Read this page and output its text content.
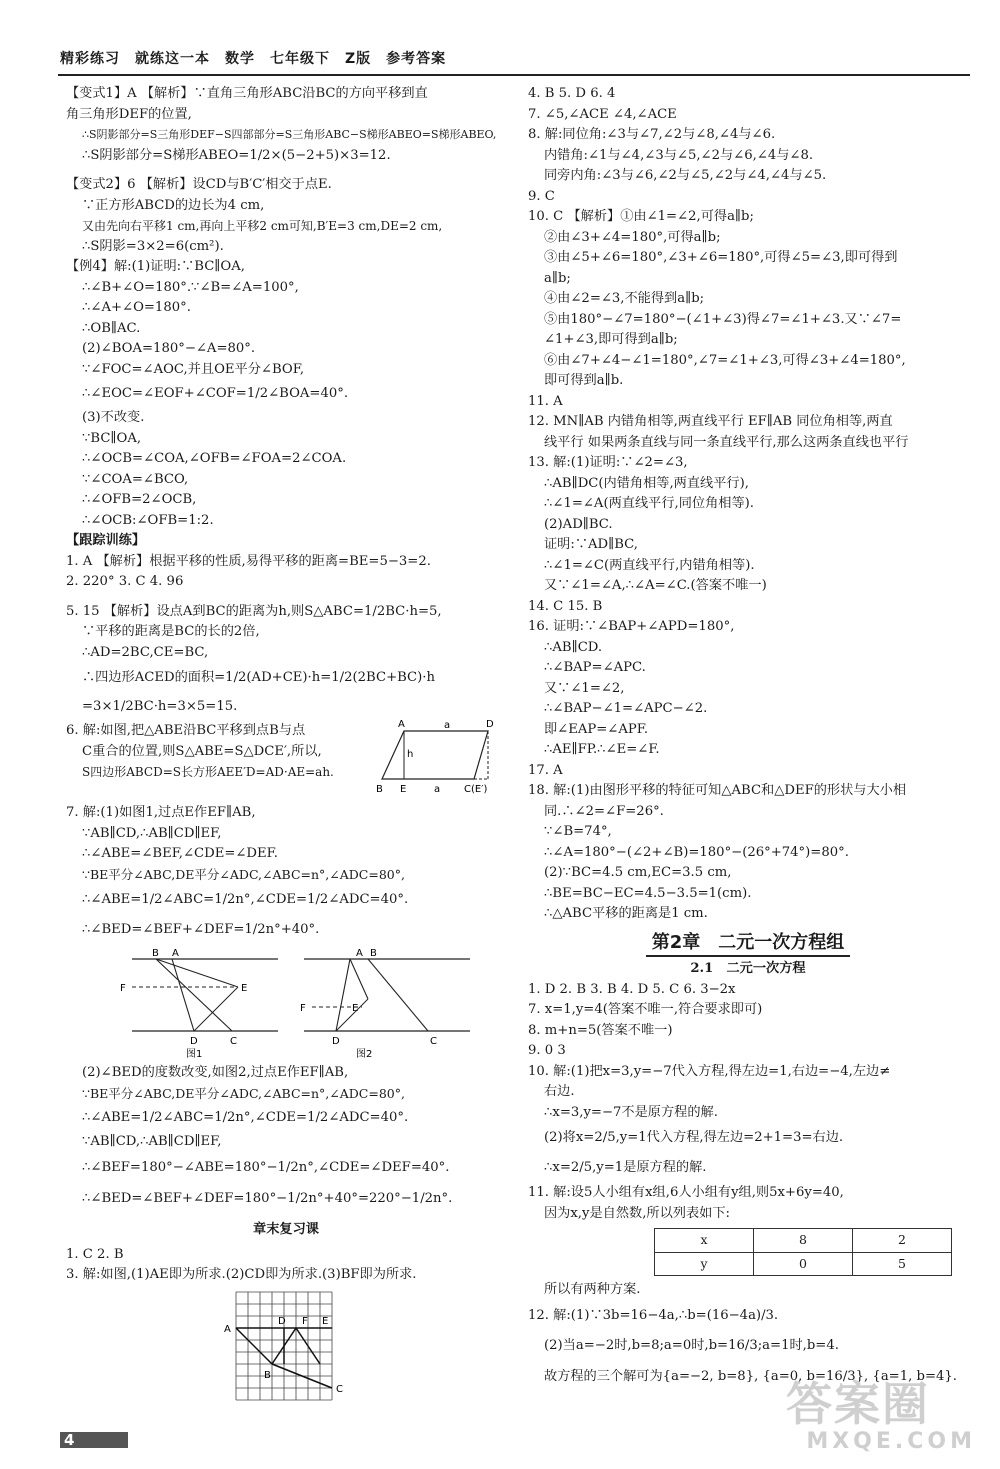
精彩练习　就练这一本　数学　七年级下　Z版　参考答案
【变式1】A 【解析】∵直角三角形ABC沿BC的方向平移到直
角三角形DEF的位置,
∴S阴影部分=S三角形DEF−S四部部分=S三角形ABC−S梯形ABEO=S梯形ABEO,
∴S阴影部分=S梯形ABEO=1/2×(5−2+5)×3=12.
【变式2】6 【解析】设CD与B′C′相交于点E.
∵正方形ABCD的边长为4 cm,
又由先向右平移1 cm,再向上平移2 cm可知,B′E=3 cm,DE=2 cm,
∴S阴影=3×2=6(cm²).
【例4】解:(1)证明:∵BC∥OA,
∴∠B+∠O=180°.∵∠B=∠A=100°,
∴∠A+∠O=180°.
∴OB∥AC.
(2)∠BOA=180°−∠A=80°.
∵∠FOC=∠AOC,并且OE平分∠BOF,
∴∠EOC=∠EOF+∠COF=1/2∠BOA=40°.
(3)不改变.
∵BC∥OA,
∴∠OCB=∠COA,∠OFB=∠FOA=2∠COA.
∵∠COA=∠BCO,
∴∠OFB=2∠OCB,
∴∠OCB:∠OFB=1:2.
【跟踪训练】
1. A 【解析】根据平移的性质,易得平移的距离=BE=5−3=2.
2. 220° 3. C 4. 96
5. 15 【解析】设点A到BC的距离为h,则S△ABC=1/2BC·h=5,
∵平移的距离是BC的长的2倍,
∴AD=2BC,CE=BC,
∴四边形ACED的面积=1/2(AD+CE)·h=1/2(2BC+BC)·h
=3×1/2BC·h=3×5=15.
6. 解:如图,把△ABE沿BC平移到点B与点
C重合的位置,则S△ABE=S△DCE′,所以,
S四边形ABCD=S长方形AEE′D=AD·AE=ah.
A	a	D
h
B E	a C(E′)
7. 解:(1)如图1,过点E作EF∥AB,
∵AB∥CD,∴AB∥CD∥EF,
∴∠ABE=∠BEF,∠CDE=∠DEF.
∵BE平分∠ABC,DE平分∠ADC,∠ABC=n°,∠ADC=80°,
∴∠ABE=1/2∠ABC=1/2n°,∠CDE=1/2∠ADC=40°.
∴∠BED=∠BEF+∠DEF=1/2n°+40°.
B A
F	E
D	C
图1
A B
F	E
D	C
图2
(2)∠BED的度数改变,如图2,过点E作EF∥AB,
∵BE平分∠ABC,DE平分∠ADC,∠ABC=n°,∠ADC=80°,
∴∠ABE=1/2∠ABC=1/2n°,∠CDE=1/2∠ADC=40°.
∵AB∥CD,∴AB∥CD∥EF,
∴∠BEF=180°−∠ABE=180°−1/2n°,∠CDE=∠DEF=40°.
∴∠BED=∠BEF+∠DEF=180°−1/2n°+40°=220°−1/2n°.
章末复习课
1. C 2. B
3. 解:如图,(1)AE即为所求.(2)CD即为所求.(3)BF即为所求.
A
D F E
B
C
4. B 5. D 6. 4
7. ∠5,∠ACE ∠4,∠ACE
8. 解:同位角:∠3与∠7,∠2与∠8,∠4与∠6.
内错角:∠1与∠4,∠3与∠5,∠2与∠6,∠4与∠8.
同旁内角:∠3与∠6,∠2与∠5,∠2与∠4,∠4与∠5.
9. C
10. C 【解析】①由∠1=∠2,可得a∥b;
②由∠3+∠4=180°,可得a∥b;
③由∠5+∠6=180°,∠3+∠6=180°,可得∠5=∠3,即可得到
a∥b;
④由∠2=∠3,不能得到a∥b;
⑤由180°−∠7=180°−(∠1+∠3)得∠7=∠1+∠3.又∵∠7=
∠1+∠3,即可得到a∥b;
⑥由∠7+∠4−∠1=180°,∠7=∠1+∠3,可得∠3+∠4=180°,
即可得到a∥b.
11. A
12. MN∥AB 内错角相等,两直线平行 EF∥AB 同位角相等,两直
线平行 如果两条直线与同一条直线平行,那么这两条直线也平行
13. 解:(1)证明:∵∠2=∠3,
∴AB∥DC(内错角相等,两直线平行),
∴∠1=∠A(两直线平行,同位角相等).
(2)AD∥BC.
证明:∵AD∥BC,
∴∠1=∠C(两直线平行,内错角相等).
又∵∠1=∠A,∴∠A=∠C.(答案不唯一)
14. C 15. B
16. 证明:∵∠BAP+∠APD=180°,
∴AB∥CD.
∴∠BAP=∠APC.
又∵∠1=∠2,
∴∠BAP−∠1=∠APC−∠2.
即∠EAP=∠APF.
∴AE∥FP.∴∠E=∠F.
17. A
18. 解:(1)由图形平移的特征可知△ABC和△DEF的形状与大小相
同.∴∠2=∠F=26°.
∵∠B=74°,
∴∠A=180°−(∠2+∠B)=180°−(26°+74°)=80°.
(2)∵BC=4.5 cm,EC=3.5 cm,
∴BE=BC−EC=4.5−3.5=1(cm).
∴△ABC平移的距离是1 cm.
第2章　二元一次方程组
2.1　二元一次方程
1. D 2. B 3. B 4. D 5. C 6. 3−2x
7. x=1,y=4(答案不唯一,符合要求即可)
8. m+n=5(答案不唯一)
9. 0 3
10. 解:(1)把x=3,y=−7代入方程,得左边=1,右边=−4,左边≠
右边.
∴x=3,y=−7不是原方程的解.
(2)将x=2/5,y=1代入方程,得左边=2+1=3=右边.
∴x=2/5,y=1是原方程的解.
11. 解:设5人小组有x组,6人小组有y组,则5x+6y=40,
因为x,y是自然数,所以列表如下:
x	8	2
y	0	5
所以有两种方案.
12. 解:(1)∵3b=16−4a,∴b=(16−4a)/3.
(2)当a=−2时,b=8;a=0时,b=16/3;a=1时,b=4.
故方程的三个解可为{a=−2, b=8}, {a=0, b=16/3}, {a=1, b=4}.
4
答案圈
MXQE.COM
